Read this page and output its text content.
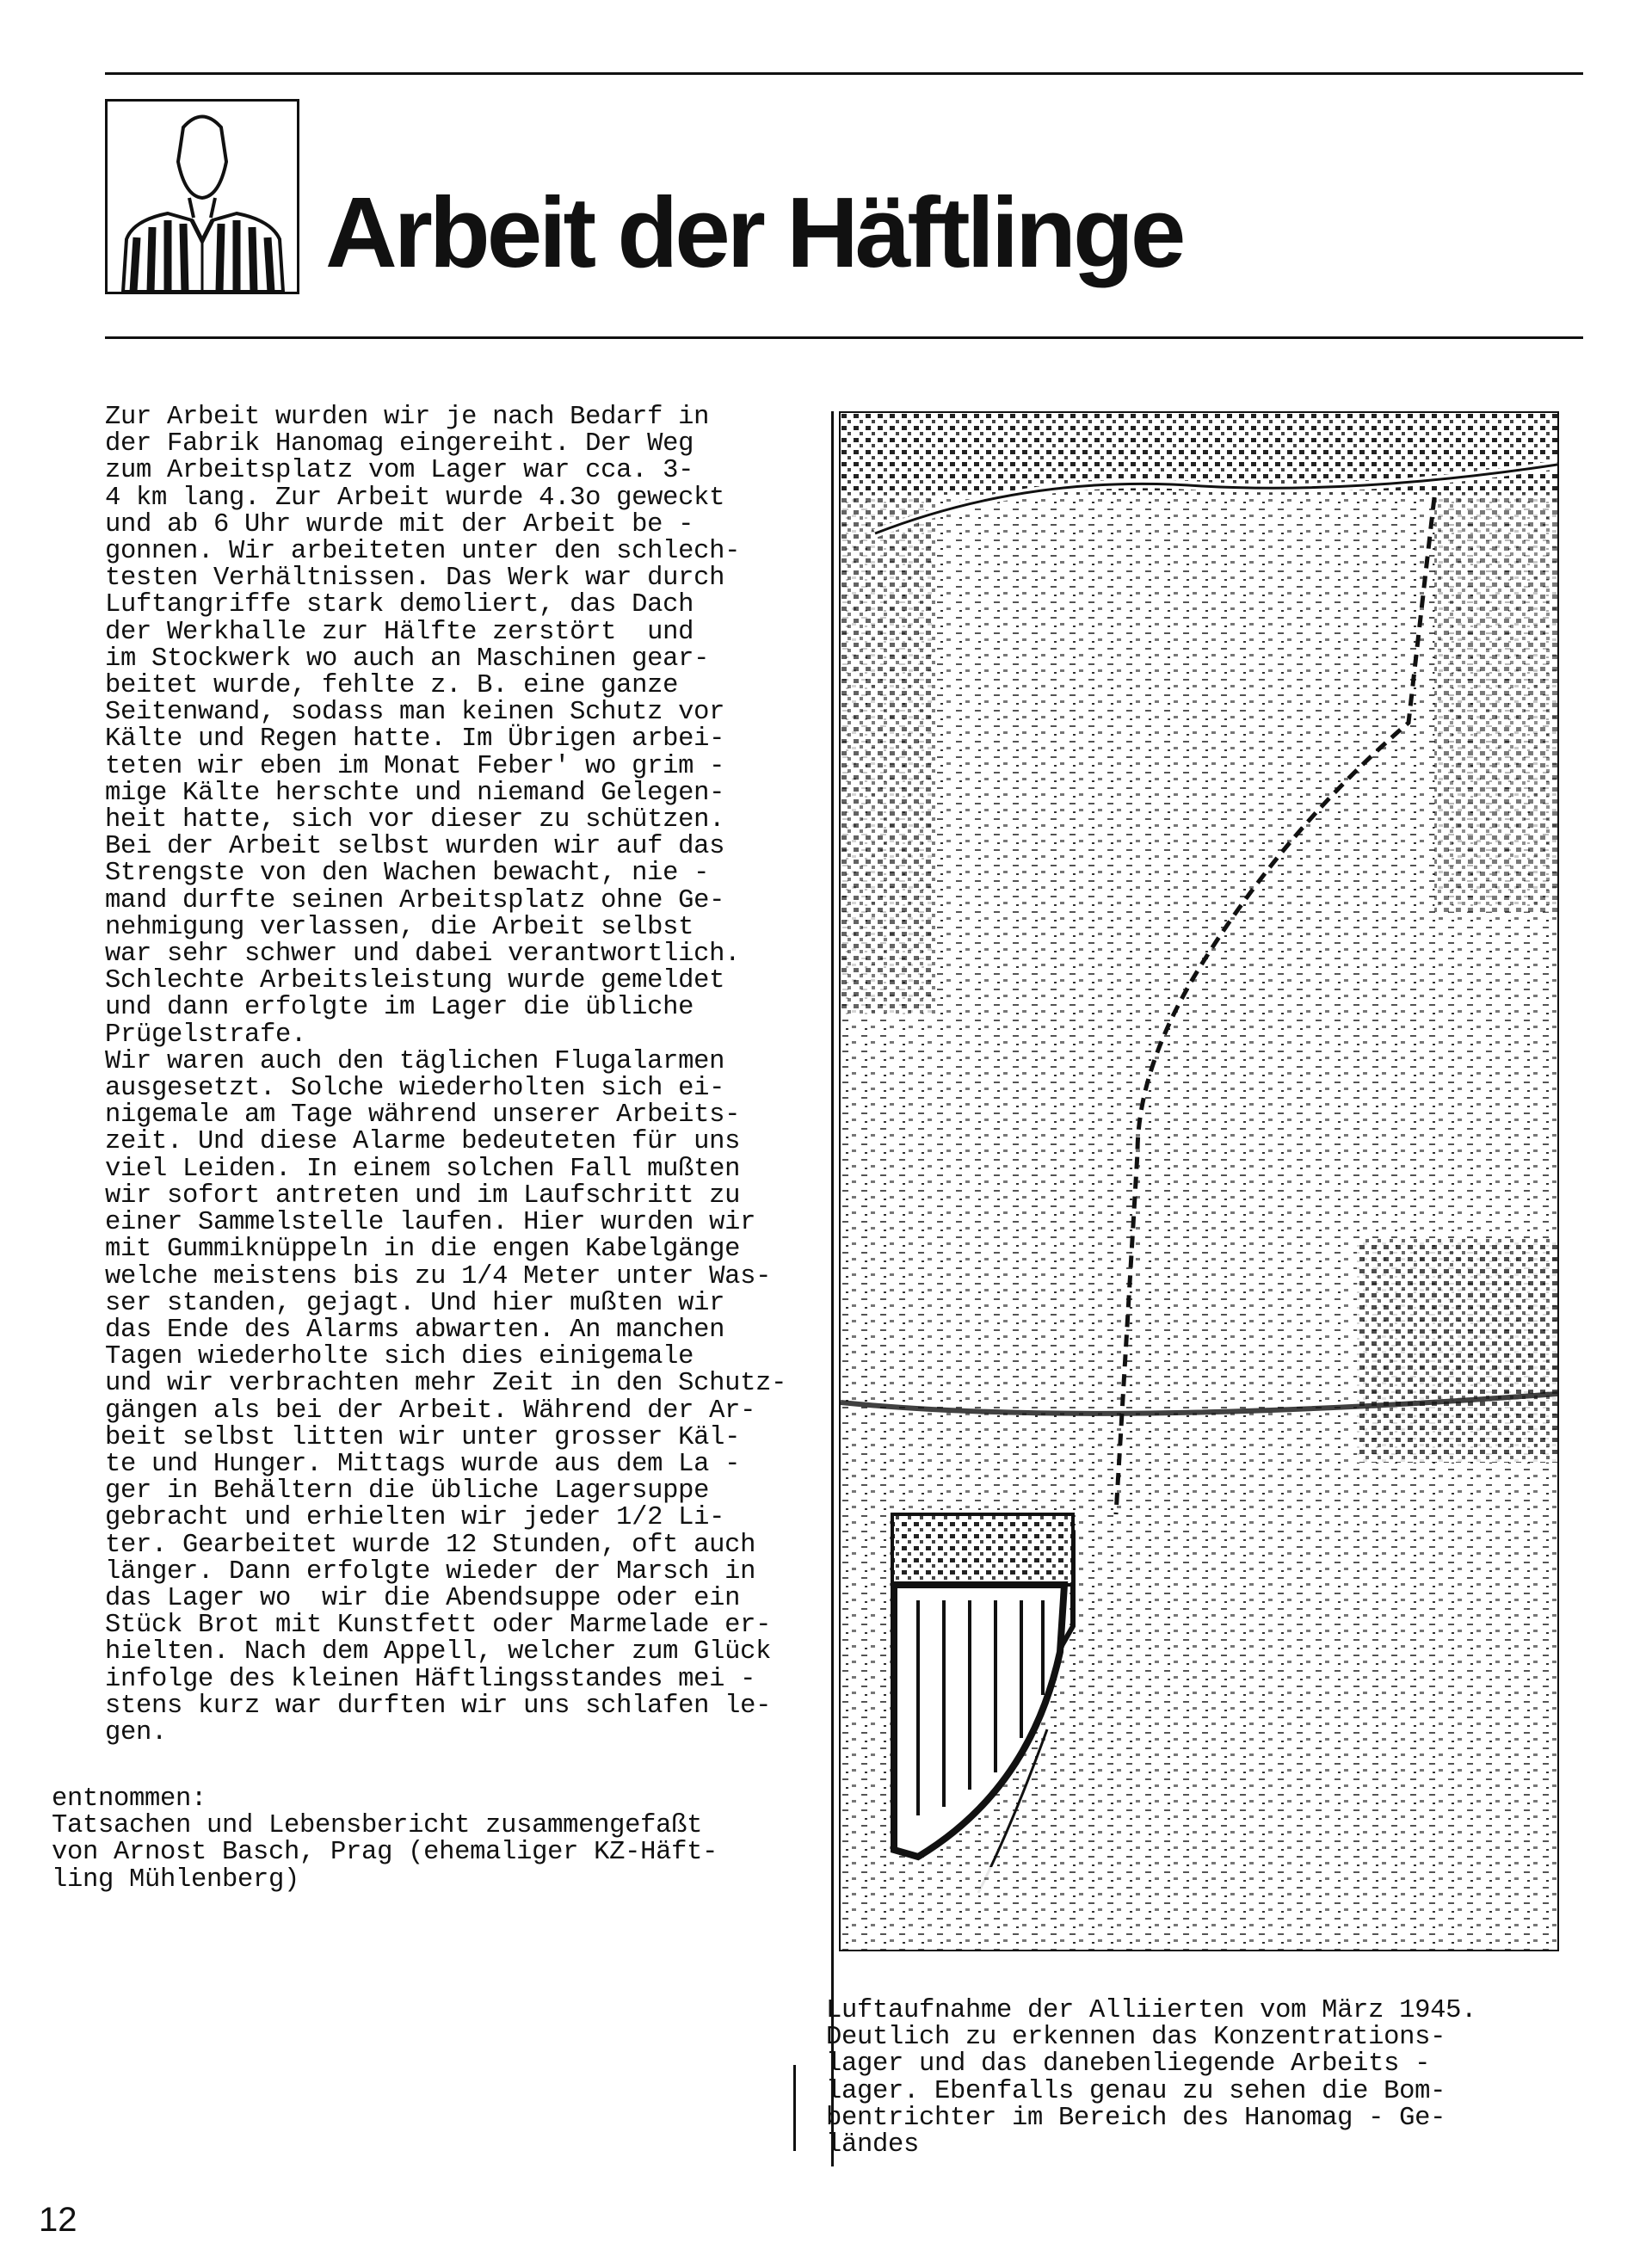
Arbeit der Häftlinge

Zur Arbeit wurden wir je nach Bedarf in
der Fabrik Hanomag eingereiht. Der Weg
zum Arbeitsplatz vom Lager war cca. 3-
4 km lang. Zur Arbeit wurde 4.3o geweckt
und ab 6 Uhr wurde mit der Arbeit be -
gonnen. Wir arbeiteten unter den schlech-
testen Verhältnissen. Das Werk war durch
Luftangriffe stark demoliert, das Dach
der Werkhalle zur Hälfte zerstört  und
im Stockwerk wo auch an Maschinen gear-
beitet wurde, fehlte z. B. eine ganze
Seitenwand, sodass man keinen Schutz vor
Kälte und Regen hatte. Im Übrigen arbei-
teten wir eben im Monat Feber' wo grim -
mige Kälte herschte und niemand Gelegen-
heit hatte, sich vor dieser zu schützen.
Bei der Arbeit selbst wurden wir auf das
Strengste von den Wachen bewacht, nie -
mand durfte seinen Arbeitsplatz ohne Ge-
nehmigung verlassen, die Arbeit selbst
war sehr schwer und dabei verantwortlich.
Schlechte Arbeitsleistung wurde gemeldet
und dann erfolgte im Lager die übliche
Prügelstrafe.
Wir waren auch den täglichen Flugalarmen
ausgesetzt. Solche wiederholten sich ei-
nigemale am Tage während unserer Arbeits-
zeit. Und diese Alarme bedeuteten für uns
viel Leiden. In einem solchen Fall mußten
wir sofort antreten und im Laufschritt zu
einer Sammelstelle laufen. Hier wurden wir
mit Gummiknüppeln in die engen Kabelgänge
welche meistens bis zu 1/4 Meter unter Was-
ser standen, gejagt. Und hier mußten wir
das Ende des Alarms abwarten. An manchen
Tagen wiederholte sich dies einigemale
und wir verbrachten mehr Zeit in den Schutz-
gängen als bei der Arbeit. Während der Ar-
beit selbst litten wir unter grosser Käl-
te und Hunger. Mittags wurde aus dem La -
ger in Behältern die übliche Lagersuppe
gebracht und erhielten wir jeder 1/2 Li-
ter. Gearbeitet wurde 12 Stunden, oft auch
länger. Dann erfolgte wieder der Marsch in
das Lager wo  wir die Abendsuppe oder ein
Stück Brot mit Kunstfett oder Marmelade er-
hielten. Nach dem Appell, welcher zum Glück
infolge des kleinen Häftlingsstandes mei -
stens kurz war durften wir uns schlafen le-
gen.

entnommen:
Tatsachen und Lebensbericht zusammengefaßt
von Arnost Basch, Prag (ehemaliger KZ-Häft-
ling Mühlenberg)

Luftaufnahme der Alliierten vom März 1945.
Deutlich zu erkennen das Konzentrations-
lager und das danebenliegende Arbeits -
lager. Ebenfalls genau zu sehen die Bom-
bentrichter im Bereich des Hanomag - Ge-
ländes

12
